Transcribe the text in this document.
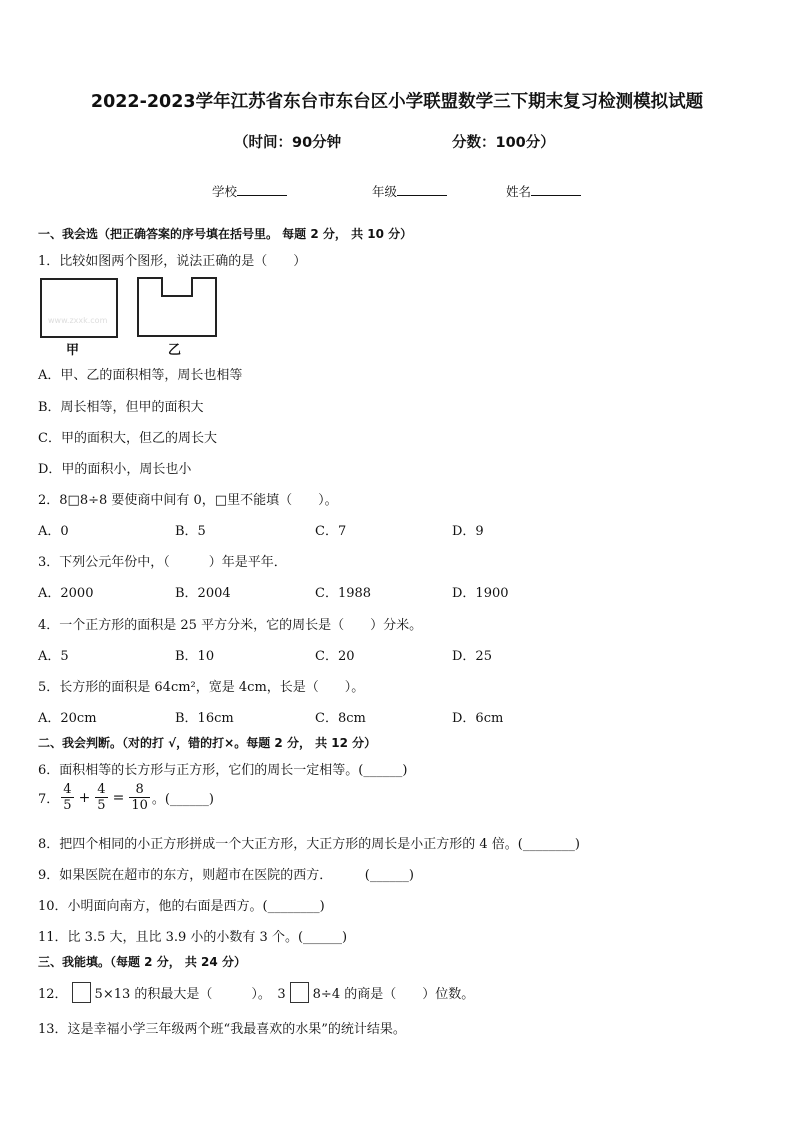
2022-2023学年江苏省东台市东台区小学联盟数学三下期末复习检测模拟试题
（时间：90分钟	分数：100分）
学校	年级	姓名
一、我会选（把正确答案的序号填在括号里。 每题 2 分， 共 10 分）
1．比较如图两个图形，说法正确的是（　　）
www.zxxk.com
甲	乙
A．甲、乙的面积相等，周长也相等
B．周长相等，但甲的面积大
C．甲的面积大，但乙的周长大
D．甲的面积小，周长也小
2．8□8÷8 要使商中间有 0，□里不能填（　　）。
A．0	B．5	C．7	D．9
3．下列公元年份中，（　　　）年是平年．
A．2000	B．2004	C．1988	D．1900
4．一个正方形的面积是 25 平方分米，它的周长是（　　）分米。
A．5	B．10	C．20	D．25
5．长方形的面积是 64cm²，宽是 4cm，长是（　　）。
A．20cm	B．16cm	C．8cm	D．6cm
二、我会判断。（对的打 √，错的打×。每题 2 分， 共 12 分）
6．面积相等的长方形与正方形，它们的周长一定相等。(______)
7． $\frac{4}{5} + \frac{4}{5} = \frac{8}{10}$ 。(______)
8．把四个相同的小正方形拼成一个大正方形，大正方形的周长是小正方形的 4 倍。(________)
9．如果医院在超市的东方，则超市在医院的西方．　　　(______)
10．小明面向南方，他的右面是西方。(________)
11．比 3.5 大，且比 3.9 小的小数有 3 个。(______)
三、我能填。（每题 2 分， 共 24 分）
12． 5×13 的积最大是（　　　）。　3 8÷4 的商是（　　）位数。
13．这是幸福小学三年级两个班“我最喜欢的水果”的统计结果。
